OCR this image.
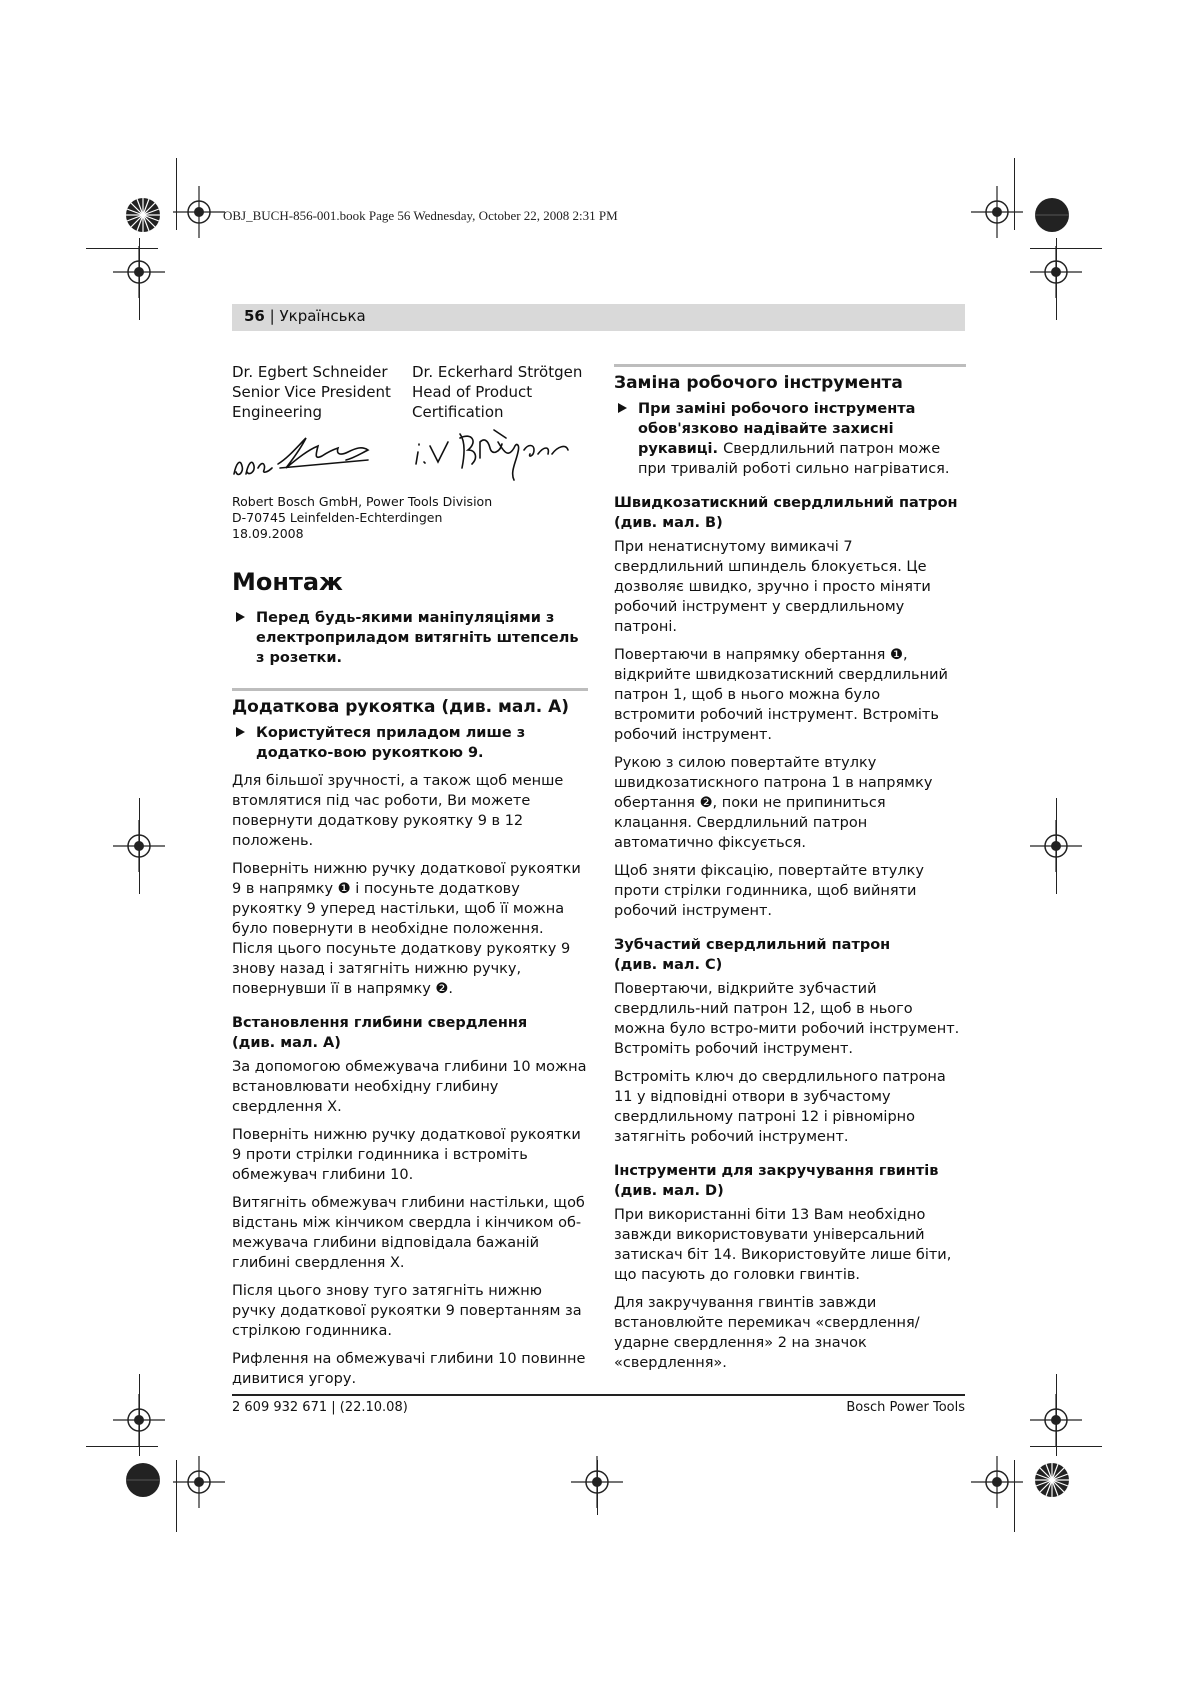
OBJ_BUCH-856-001.book Page 56 Wednesday, October 22, 2008 2:31 PM
56 | Українська
Dr. Egbert Schneider
Senior Vice President
Engineering
Dr. Eckerhard Strötgen
Head of Product
Certification
Robert Bosch GmbH, Power Tools Division
D-70745 Leinfelden-Echterdingen
18.09.2008
Монтаж
Перед будь-якими маніпуляціями з електроприладом витягніть штепсель з розетки.
Додаткова рукоятка (див. мал. A)
Користуйтеся приладом лише з додатко-вою рукояткою 9.

Для більшої зручності, а також щоб менше втомлятися під час роботи, Ви можете повернути додаткову рукоятку 9 в 12 положень.

Поверніть нижню ручку додаткової рукоятки 9 в напрямку ❶ і посуньте додаткову рукоятку 9 уперед настільки, щоб її можна було повернути в необхідне положення. Після цього посуньте додаткову рукоятку 9 знову назад і затягніть нижню ручку, повернувши її в напрямку ❷.

Встановлення глибини свердлення
(див. мал. A)

За допомогою обмежувача глибини 10 можна встановлювати необхідну глибину свердлення X.

Поверніть нижню ручку додаткової рукоятки 9 проти стрілки годинника і встроміть обмежувач глибини 10.

Витягніть обмежувач глибини настільки, щоб відстань між кінчиком свердла і кінчиком об-межувача глибини відповідала бажаній глибині свердлення X.

Після цього знову туго затягніть нижню ручку додаткової рукоятки 9 повертанням за стрілкою годинника.

Рифлення на обмежувачі глибини 10 повинне дивитися угору.

Заміна робочого інструмента
При заміні робочого інструмента обов'язково надівайте захисні рукавиці. Свердлильний патрон може при тривалій роботі сильно нагріватися.
Швидкозатискний свердлильний патрон
(див. мал. B)

При ненатиснутому вимикачі 7 свердлильний шпиндель блокується. Це дозволяє швидко, зручно і просто міняти робочий інструмент у свердлильному патроні.

Повертаючи в напрямку обертання ❶, відкрийте швидкозатискний свердлильний патрон 1, щоб в нього можна було встромити робочий інструмент. Встроміть робочий інструмент.

Рукою з силою повертайте втулку швидкозатискного патрона 1 в напрямку обертання ❷, поки не припиниться клацання. Свердлильний патрон автоматично фіксується.

Щоб зняти фіксацію, повертайте втулку проти стрілки годинника, щоб вийняти робочий інструмент.

Зубчастий свердлильний патрон
(див. мал. C)

Повертаючи, відкрийте зубчастий свердлиль-ний патрон 12, щоб в нього можна було встро-мити робочий інструмент. Встроміть робочий інструмент.

Встроміть ключ до свердлильного патрона 11 у відповідні отвори в зубчастому свердлильному патроні 12 і рівномірно затягніть робочий інструмент.

Інструменти для закручування гвинтів
(див. мал. D)

При використанні біти 13 Вам необхідно завжди використовувати універсальний затискач біт 14. Використовуйте лише біти, що пасують до головки гвинтів.

Для закручування гвинтів завжди встановлюйте перемикач «свердлення/ударне свердлення» 2 на значок «свердлення».

2 609 932 671 | (22.10.08)	Bosch Power Tools
